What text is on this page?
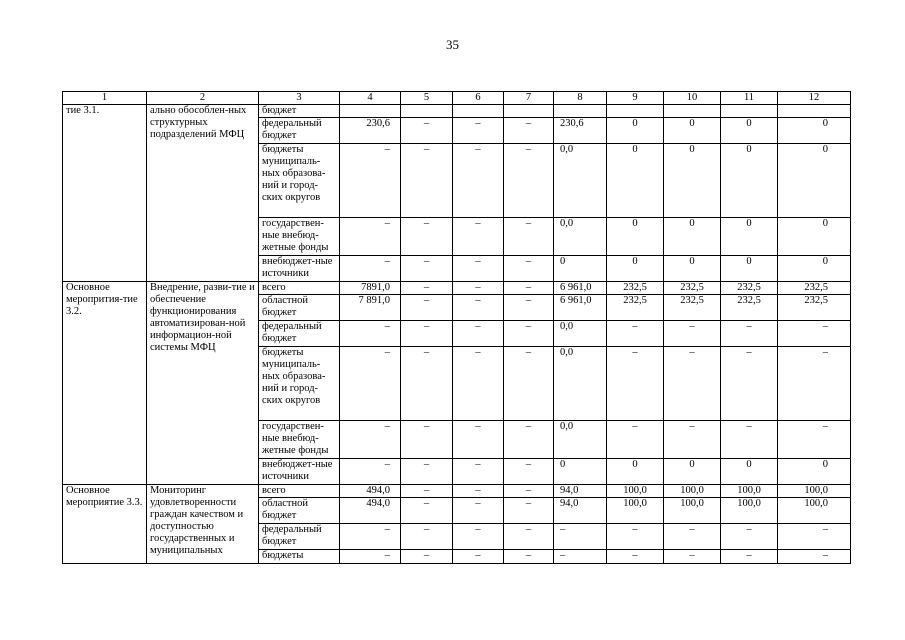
35
1	2	3	4	5	6	7	8	9	10	11	12
тие 3.1.	ально обособлен-ных структурных подразделений МФЦ	бюджет									
		федеральный бюджет	230,6	–	–	–	230,6	0	0	0	0
		бюджеты муниципаль-ных образова-ний и город-ских округов	–	–	–	–	0,0	0	0	0	0
		государствен-ные внебюд-жетные фонды	–	–	–	–	0,0	0	0	0	0
		внебюджет-ные источники	–	–	–	–	0	0	0	0	0
Основное меропрития-тие 3.2.	Внедрение, разви-тие и обеспечение функционирования автоматизирован-ной информацион-ной системы МФЦ	всего	7891,0	–	–	–	6 961,0	232,5	232,5	232,5	232,5
		областной бюджет	7 891,0	–	–	–	6 961,0	232,5	232,5	232,5	232,5
		федеральный бюджет	–	–	–	–	0,0	–	–	–	–
		бюджеты муниципаль-ных образова-ний и город-ских округов	–	–	–	–	0,0	–	–	–	–
		государствен-ные внебюд-жетные фонды	–	–	–	–	0,0	–	–	–	–
		внебюджет-ные источники	–	–	–	–	0	0	0	0	0
Основное мероприятие 3.3.	Мониторинг удовлетворенности граждан качеством и доступностью государственных и муниципальных	всего	494,0	–	–	–	94,0	100,0	100,0	100,0	100,0
		областной бюджет	494,0	–	–	–	94,0	100,0	100,0	100,0	100,0
		федеральный бюджет	–	–	–	–	–	–	–	–	–
		бюджеты	–	–	–	–	–	–	–	–	–
